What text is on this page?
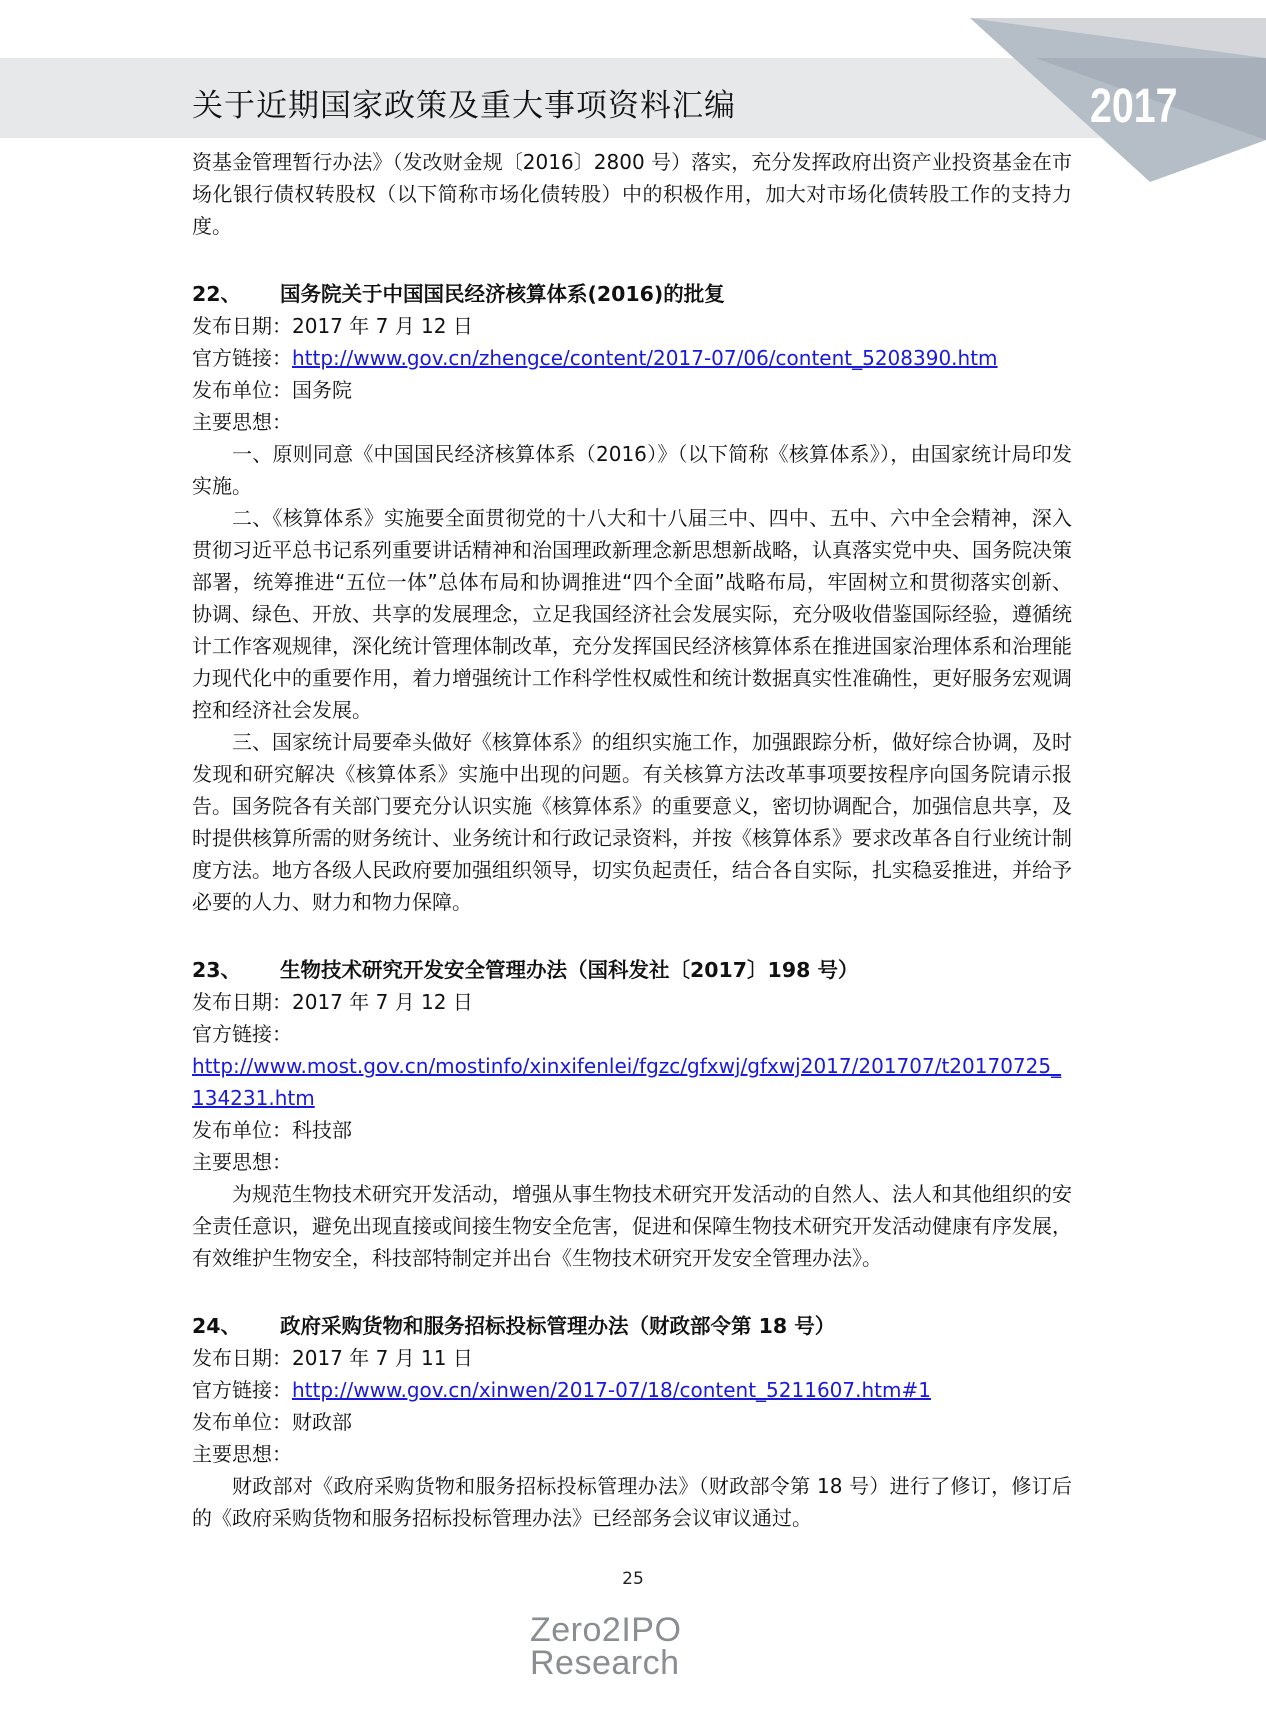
关于近期国家政策及重大事项资料汇编	2017

资基金管理暂行办法》（发改财金规〔2016〕2800 号）落实，充分发挥政府出资产业投资基金在市场化银行债权转股权（以下简称市场化债转股）中的积极作用，加大对市场化债转股工作的支持力度。

22、 国务院关于中国国民经济核算体系(2016)的批复
发布日期：2017 年 7 月 12 日
官方链接：http://www.gov.cn/zhengce/content/2017-07/06/content_5208390.htm
发布单位：国务院
主要思想：

一、原则同意《中国国民经济核算体系（2016）》（以下简称《核算体系》），由国家统计局印发实施。

二、《核算体系》实施要全面贯彻党的十八大和十八届三中、四中、五中、六中全会精神，深入贯彻习近平总书记系列重要讲话精神和治国理政新理念新思想新战略，认真落实党中央、国务院决策部署，统筹推进“五位一体”总体布局和协调推进“四个全面”战略布局，牢固树立和贯彻落实创新、协调、绿色、开放、共享的发展理念，立足我国经济社会发展实际，充分吸收借鉴国际经验，遵循统计工作客观规律，深化统计管理体制改革，充分发挥国民经济核算体系在推进国家治理体系和治理能力现代化中的重要作用，着力增强统计工作科学性权威性和统计数据真实性准确性，更好服务宏观调控和经济社会发展。

三、国家统计局要牵头做好《核算体系》的组织实施工作，加强跟踪分析，做好综合协调，及时发现和研究解决《核算体系》实施中出现的问题。有关核算方法改革事项要按程序向国务院请示报告。国务院各有关部门要充分认识实施《核算体系》的重要意义，密切协调配合，加强信息共享，及时提供核算所需的财务统计、业务统计和行政记录资料，并按《核算体系》要求改革各自行业统计制度方法。地方各级人民政府要加强组织领导，切实负起责任，结合各自实际，扎实稳妥推进，并给予必要的人力、财力和物力保障。

23、 生物技术研究开发安全管理办法（国科发社〔2017〕198 号）
发布日期：2017 年 7 月 12 日
官方链接：
http://www.most.gov.cn/mostinfo/xinxifenlei/fgzc/gfxwj/gfxwj2017/201707/t20170725_134231.htm
发布单位：科技部
主要思想：

为规范生物技术研究开发活动，增强从事生物技术研究开发活动的自然人、法人和其他组织的安全责任意识，避免出现直接或间接生物安全危害，促进和保障生物技术研究开发活动健康有序发展，有效维护生物安全，科技部特制定并出台《生物技术研究开发安全管理办法》。

24、 政府采购货物和服务招标投标管理办法（财政部令第 18 号）
发布日期：2017 年 7 月 11 日
官方链接：http://www.gov.cn/xinwen/2017-07/18/content_5211607.htm#1
发布单位：财政部
主要思想：

财政部对《政府采购货物和服务招标投标管理办法》（财政部令第 18 号）进行了修订，修订后的《政府采购货物和服务招标投标管理办法》已经部务会议审议通过。

25
Zero2IPO
Research
